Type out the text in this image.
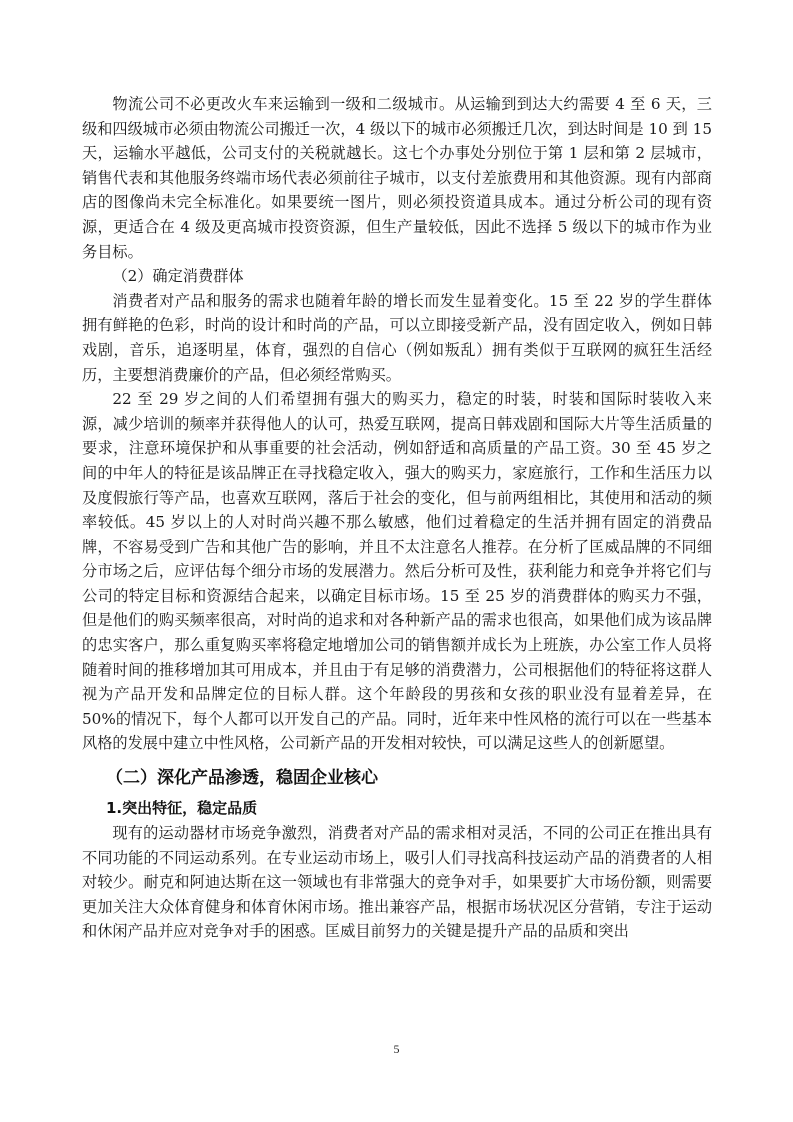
物流公司不必更改火车来运输到一级和二级城市。从运输到到达大约需要 4 至 6 天，三级和四级城市必须由物流公司搬迁一次，4 级以下的城市必须搬迁几次，到达时间是 10 到 15 天，运输水平越低，公司支付的关税就越长。这七个办事处分别位于第 1 层和第 2 层城市，销售代表和其他服务终端市场代表必须前往子城市，以支付差旅费用和其他资源。现有内部商店的图像尚未完全标准化。如果要统一图片，则必须投资道具成本。通过分析公司的现有资源，更适合在 4 级及更高城市投资资源，但生产量较低，因此不选择 5 级以下的城市作为业务目标。

（2）确定消费群体

消费者对产品和服务的需求也随着年龄的增长而发生显着变化。15 至 22 岁的学生群体拥有鲜艳的色彩，时尚的设计和时尚的产品，可以立即接受新产品，没有固定收入，例如日韩戏剧，音乐，追逐明星，体育，强烈的自信心（例如叛乱）拥有类似于互联网的疯狂生活经历，主要想消费廉价的产品，但必须经常购买。

22 至 29 岁之间的人们希望拥有强大的购买力，稳定的时装，时装和国际时装收入来源，减少培训的频率并获得他人的认可，热爱互联网，提高日韩戏剧和国际大片等生活质量的要求，注意环境保护和从事重要的社会活动，例如舒适和高质量的产品工资。30 至 45 岁之间的中年人的特征是该品牌正在寻找稳定收入，强大的购买力，家庭旅行，工作和生活压力以及度假旅行等产品，也喜欢互联网，落后于社会的变化，但与前两组相比，其使用和活动的频率较低。45 岁以上的人对时尚兴趣不那么敏感，他们过着稳定的生活并拥有固定的消费品牌，不容易受到广告和其他广告的影响，并且不太注意名人推荐。在分析了匡威品牌的不同细分市场之后，应评估每个细分市场的发展潜力。然后分析可及性，获利能力和竞争并将它们与公司的特定目标和资源结合起来，以确定目标市场。15 至 25 岁的消费群体的购买力不强，但是他们的购买频率很高，对时尚的追求和对各种新产品的需求也很高，如果他们成为该品牌的忠实客户，那么重复购买率将稳定地增加公司的销售额并成长为上班族，办公室工作人员将随着时间的推移增加其可用成本，并且由于有足够的消费潜力，公司根据他们的特征将这群人视为产品开发和品牌定位的目标人群。这个年龄段的男孩和女孩的职业没有显着差异，在 50%的情况下，每个人都可以开发自己的产品。同时，近年来中性风格的流行可以在一些基本风格的发展中建立中性风格，公司新产品的开发相对较快，可以满足这些人的创新愿望。

（二）深化产品渗透，稳固企业核心

1.突出特征，稳定品质

现有的运动器材市场竞争激烈，消费者对产品的需求相对灵活，不同的公司正在推出具有不同功能的不同运动系列。在专业运动市场上，吸引人们寻找高科技运动产品的消费者的人相对较少。耐克和阿迪达斯在这一领域也有非常强大的竞争对手，如果要扩大市场份额，则需要更加关注大众体育健身和体育休闲市场。推出兼容产品，根据市场状况区分营销，专注于运动和休闲产品并应对竞争对手的困惑。匡威目前努力的关键是提升产品的品质和突出

5
